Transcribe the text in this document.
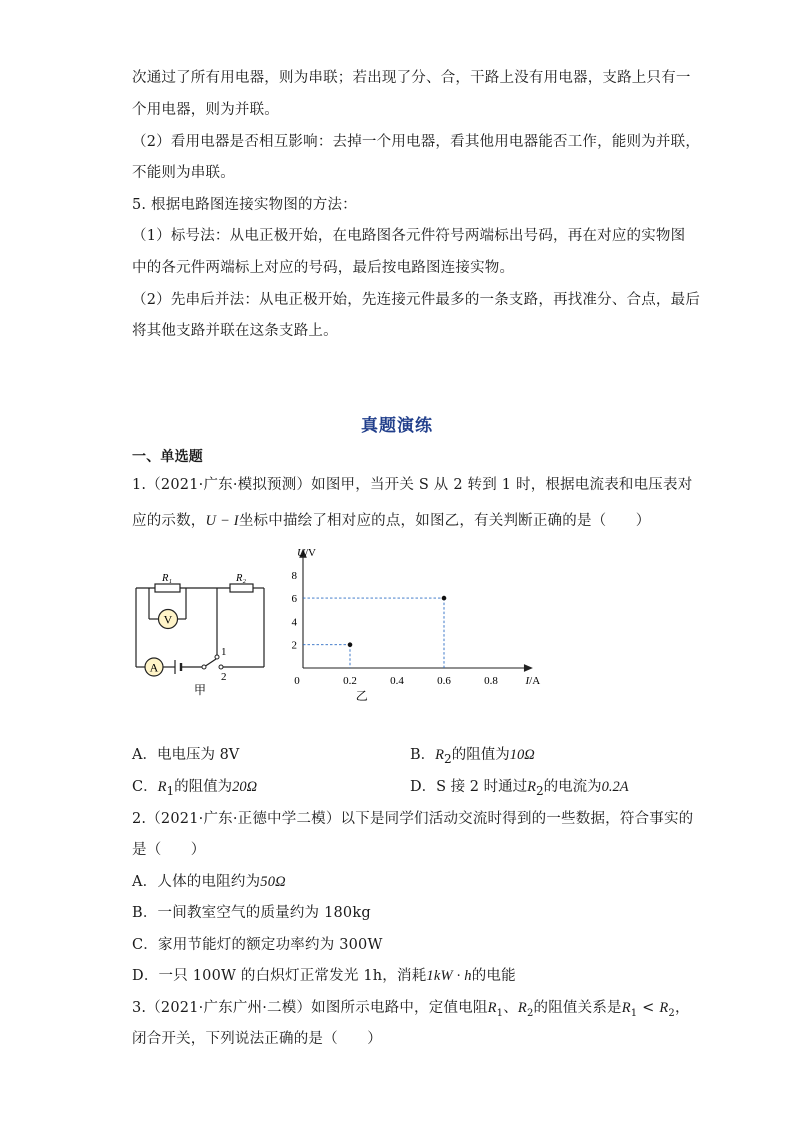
次通过了所有用电器，则为串联；若出现了分、合，干路上没有用电器，支路上只有一
个用电器，则为并联。
（2）看用电器是否相互影响：去掉一个用电器，看其他用电器能否工作，能则为并联，
不能则为串联。
5. 根据电路图连接实物图的方法：
（1）标号法：从电正极开始，在电路图各元件符号两端标出号码，再在对应的实物图
中的各元件两端标上对应的号码，最后按电路图连接实物。
（2）先串后并法：从电正极开始，先连接元件最多的一条支路，再找准分、合点，最后
将其他支路并联在这条支路上。
真题演练
一、单选题
1.（2021·广东·模拟预测）如图甲，当开关 S 从 2 转到 1 时，根据电流表和电压表对
应的示数，U − I坐标中描绘了相对应的点，如图乙，有关判断正确的是（　　）
V
A
R₁	R₂
1
2
甲
0	0.2	0.4	0.6	0.8
2
4
6
8
U/V
I/A
乙
A．电电压为 8V	B．$R_2$的阻值为10Ω
C．$R_1$的阻值为20Ω	D．S 接 2 时通过$R_2$的电流为0.2A
2.（2021·广东·正德中学二模）以下是同学们活动交流时得到的一些数据，符合事实的
是（　　）
A．人体的电阻约为50Ω
B．一间教室空气的质量约为 180kg
C．家用节能灯的额定功率约为 300W
D．一只 100W 的白炽灯正常发光 1h，消耗1kW · h的电能
3.（2021·广东广州·二模）如图所示电路中，定值电阻$R_1$、$R_2$的阻值关系是$R_1 < R_2$，
闭合开关，下列说法正确的是（　　）
